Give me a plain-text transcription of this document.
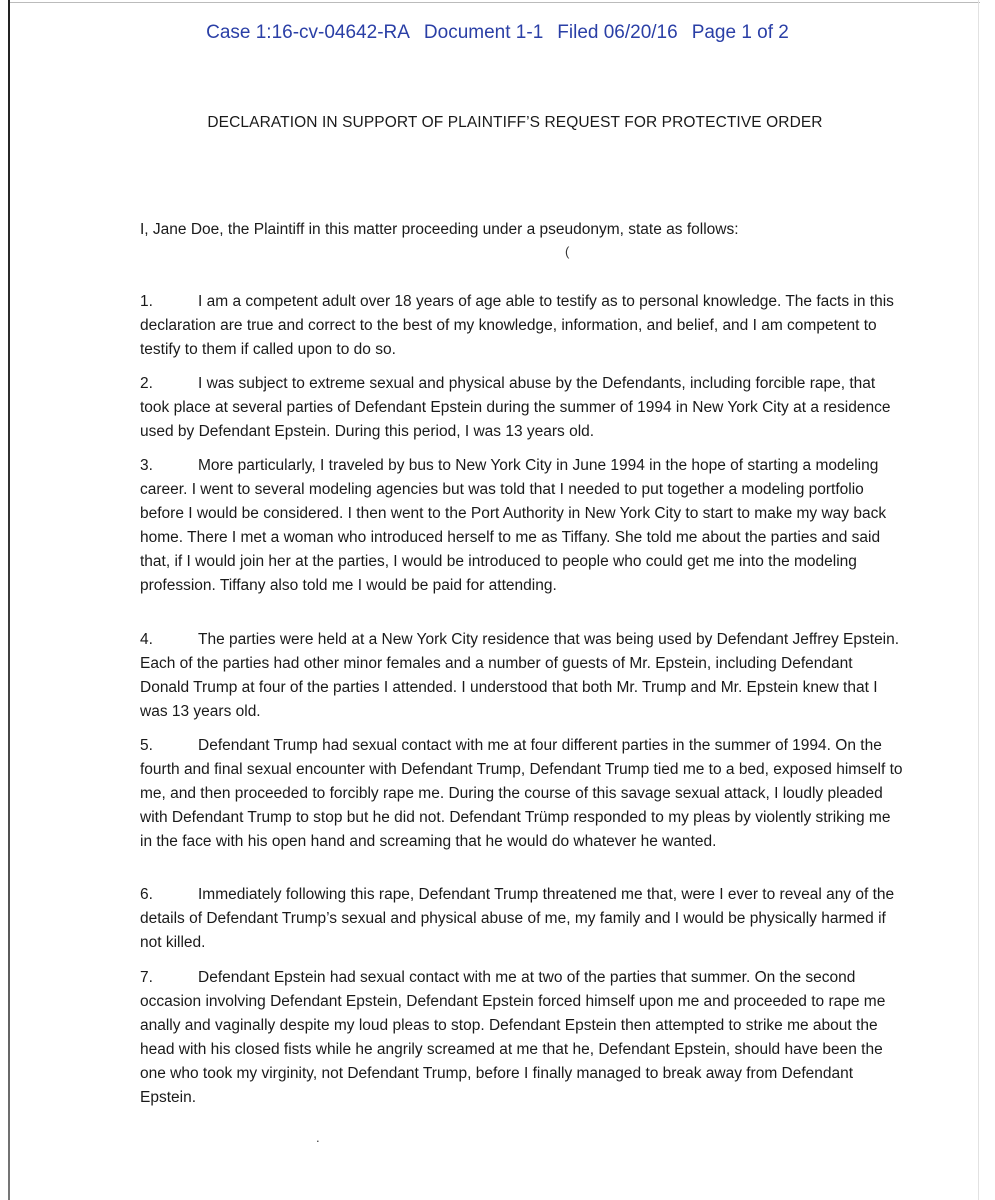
Case 1:16-cv-04642-RA Document 1-1 Filed 06/20/16 Page 1 of 2
DECLARATION IN SUPPORT OF PLAINTIFF’S REQUEST FOR PROTECTIVE ORDER
I, Jane Doe, the Plaintiff in this matter proceeding under a pseudonym, state as follows:
‬(

1.	I am a competent adult over 18 years of age able to testify as to personal knowledge. The facts in this declaration are true and correct to the best of my knowledge, information, and belief, and I am competent to testify to them if called upon to do so.

2.	I was subject to extreme sexual and physical abuse by the Defendants, including forcible rape, that took place at several parties of Defendant Epstein during the summer of 1994 in New York City at a residence used by Defendant Epstein. During this period, I was 13 years old.

3.	More particularly, I traveled by bus to New York City in June 1994 in the hope of starting a modeling career. I went to several modeling agencies but was told that I needed to put together a modeling portfolio before I would be considered. I then went to the Port Authority in New York City to start to make my way back home. There I met a woman who introduced herself to me as Tiffany. She told me about the parties and said that, if I would join her at the parties, I would be introduced to people who could get me into the modeling profession. Tiffany also told me I would be paid for attending.

4.	The parties were held at a New York City residence that was being used by Defendant Jeffrey Epstein. Each of the parties had other minor females and a number of guests of Mr. Epstein, including Defendant Donald Trump at four of the parties I attended. I understood that both Mr. Trump and Mr. Epstein knew that I was 13 years old.

5.	Defendant Trump had sexual contact with me at four different parties in the summer of 1994. On the fourth and final sexual encounter with Defendant Trump, Defendant Trump tied me to a bed, exposed himself to me, and then proceeded to forcibly rape me. During the course of this savage sexual attack, I loudly pleaded with Defendant Trump to stop but he did not. Defendant Trümp responded to my pleas by violently striking me in the face with his open hand and screaming that he would do whatever he wanted.

6.	Immediately following this rape, Defendant Trump threatened me that, were I ever to reveal any of the details of Defendant Trump’s sexual and physical abuse of me, my family and I would be physically harmed if not killed.

7.	Defendant Epstein had sexual contact with me at two of the parties that summer. On the second occasion involving Defendant Epstein, Defendant Epstein forced himself upon me and proceeded to rape me anally and vaginally despite my loud pleas to stop. Defendant Epstein then attempted to strike me about the head with his closed fists while he angrily screamed at me that he, Defendant Epstein, should have been the one who took my virginity, not Defendant Trump, before I finally managed to break away from Defendant Epstein.

.
